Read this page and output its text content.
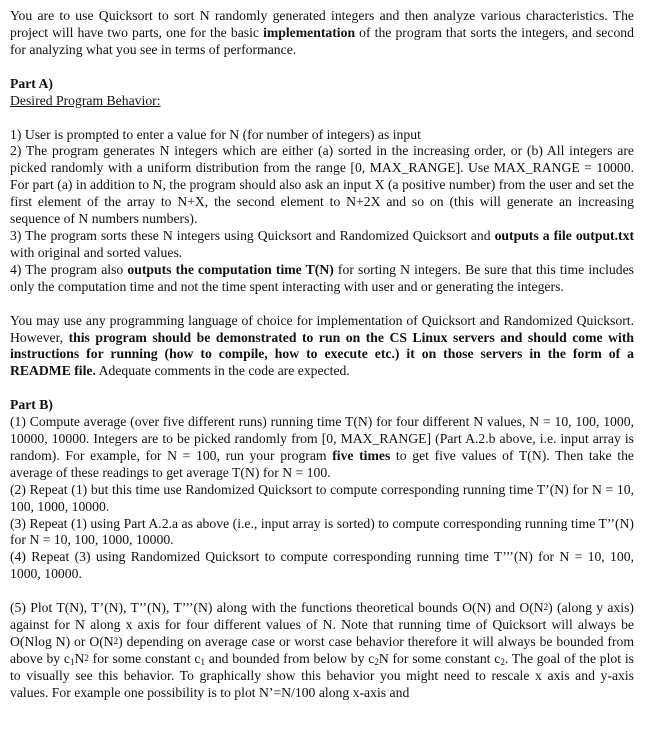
You are to use Quicksort to sort N randomly generated integers and then analyze various characteristics. The project will have two parts, one for the basic implementation of the program that sorts the integers, and second for analyzing what you see in terms of performance.

Part A)

Desired Program Behavior:

1) User is prompted to enter a value for N (for number of integers) as input

2) The program generates N integers which are either (a) sorted in the increasing order, or (b) All integers are picked randomly with a uniform distribution from the range [0, MAX_RANGE]. Use MAX_RANGE = 10000. For part (a) in addition to N, the program should also ask an input X (a positive number) from the user and set the first element of the array to N+X, the second element to N+2X and so on (this will generate an increasing sequence of N numbers numbers).

3) The program sorts these N integers using Quicksort and Randomized Quicksort and outputs a file output.txt with original and sorted values.

4) The program also outputs the computation time T(N) for sorting N integers. Be sure that this time includes only the computation time and not the time spent interacting with user and or generating the integers.

You may use any programming language of choice for implementation of Quicksort and Randomized Quicksort. However, this program should be demonstrated to run on the CS Linux servers and should come with instructions for running (how to compile, how to execute etc.) it on those servers in the form of a README file. Adequate comments in the code are expected.

Part B)

(1) Compute average (over five different runs) running time T(N) for four different N values, N = 10, 100, 1000, 10000, 10000. Integers are to be picked randomly from [0, MAX_RANGE] (Part A.2.b above, i.e. input array is random). For example, for N = 100, run your program five times to get five values of T(N). Then take the average of these readings to get average T(N) for N = 100.

(2) Repeat (1) but this time use Randomized Quicksort to compute corresponding running time T’(N) for N = 10, 100, 1000, 10000.

(3) Repeat (1) using Part A.2.a as above (i.e., input array is sorted) to compute corresponding running time T’’(N) for N = 10, 100, 1000, 10000.

(4) Repeat (3) using Randomized Quicksort to compute corresponding running time T’’’(N) for N = 10, 100, 1000, 10000.

(5) Plot T(N), T’(N), T’’(N), T’’’(N) along with the functions theoretical bounds O(N) and $O(N^2)$ (along y axis) against for N along x axis for four different values of N. Note that running time of Quicksort will always be O(Nlog N) or $O(N^2)$ depending on average case or worst case behavior therefore it will always be bounded from above by $c_1N^2$ for some constant $c_1$ and bounded from below by $c_2N$ for some constant $c_2$. The goal of the plot is to visually see this behavior. To graphically show this behavior you might need to rescale x axis and y-axis values. For example one possibility is to plot N’=N/100 along x-axis and
